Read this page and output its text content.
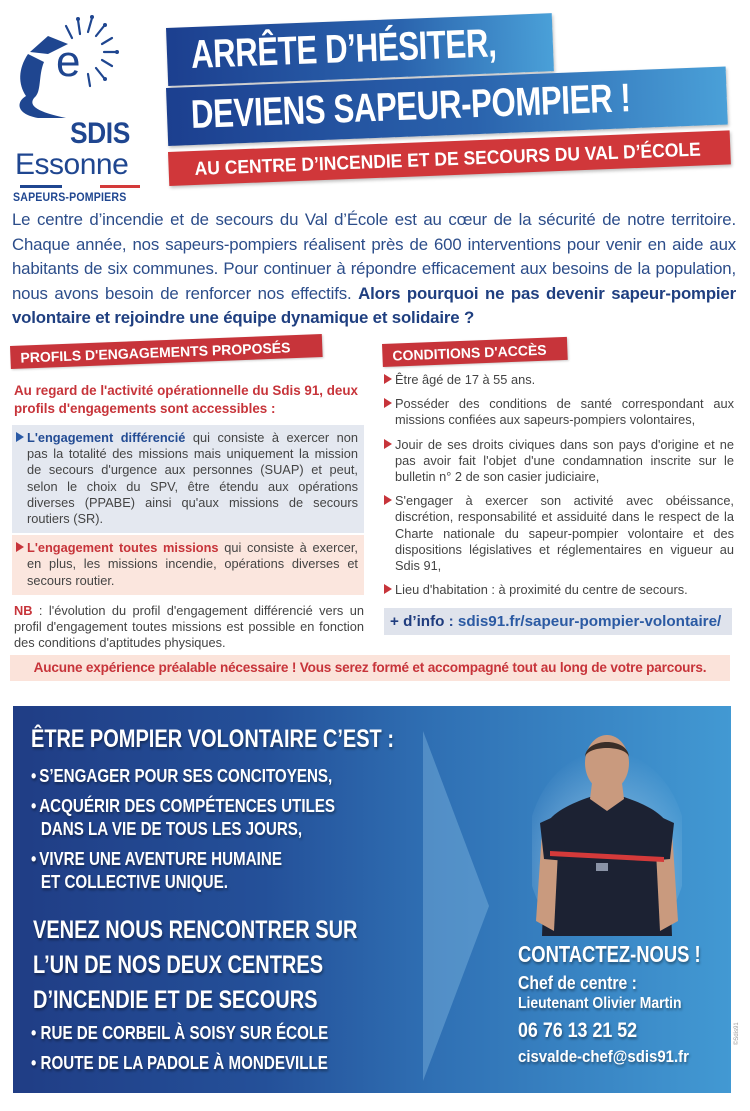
e
SDIS
Essonne
SAPEURS-POMPIERS
ARRÊTE D’HÉSITER,
DEVIENS SAPEUR-POMPIER !
AU CENTRE D’INCENDIE ET DE SECOURS DU VAL D’ÉCOLE

Le centre d’incendie et de secours du Val d’École est au cœur de la sécurité de notre territoire. Chaque année, nos sapeurs-pompiers réalisent près de 600 interventions pour venir en aide aux habitants de six communes. Pour continuer à répondre efficacement aux besoins de la population, nous avons besoin de renforcer nos effectifs. Alors pourquoi ne pas devenir sapeur-pompier volontaire et rejoindre une équipe dynamique et solidaire ?

PROFILS D'ENGAGEMENTS PROPOSÉS	CONDITIONS D'ACCÈS
Au regard de l'activité opérationnelle du Sdis 91, deux profils d'engagements sont accessibles :
L'engagement différencié qui consiste à exercer non pas la totalité des missions mais uniquement la mission de secours d'urgence aux personnes (SUAP) et peut, selon le choix du SPV, être étendu aux opérations diverses (PPABE) ainsi qu'aux missions de secours routiers (SR).
L'engagement toutes missions qui consiste à exercer, en plus, les missions incendie, opérations diverses et secours routier.
NB : l'évolution du profil d'engagement différencié vers un profil d'engagement toutes missions est possible en fonction des conditions d'aptitudes physiques.
Être âgé de 17 à 55 ans.
Posséder des conditions de santé correspondant aux missions confiées aux sapeurs-pompiers volontaires,
Jouir de ses droits civiques dans son pays d'origine et ne pas avoir fait l'objet d'une condamnation inscrite sur le bulletin n° 2 de son casier judiciaire,
S'engager à exercer son activité avec obéissance, discrétion, responsabilité et assiduité dans le respect de la Charte nationale du sapeur-pompier volontaire et des dispositions législatives et réglementaires en vigueur au Sdis 91,
Lieu d'habitation : à proximité du centre de secours.
+ d’info : sdis91.fr/sapeur-pompier-volontaire/
Aucune expérience préalable nécessaire ! Vous serez formé et accompagné tout au long de votre parcours.
ÊTRE POMPIER VOLONTAIRE C’EST :
• S’ENGAGER POUR SES CONCITOYENS,
• ACQUÉRIR DES COMPÉTENCES UTILES
DANS LA VIE DE TOUS LES JOURS,
• VIVRE UNE AVENTURE HUMAINE
ET COLLECTIVE UNIQUE.
VENEZ NOUS RENCONTRER SUR
L’UN DE NOS DEUX CENTRES
D’INCENDIE ET DE SECOURS
• RUE DE CORBEIL À SOISY SUR ÉCOLE
• ROUTE DE LA PADOLE À MONDEVILLE
CONTACTEZ-NOUS !
Chef de centre :
Lieutenant Olivier Martin
06 76 13 21 52
cisvalde-chef@sdis91.fr
©Sdis91
